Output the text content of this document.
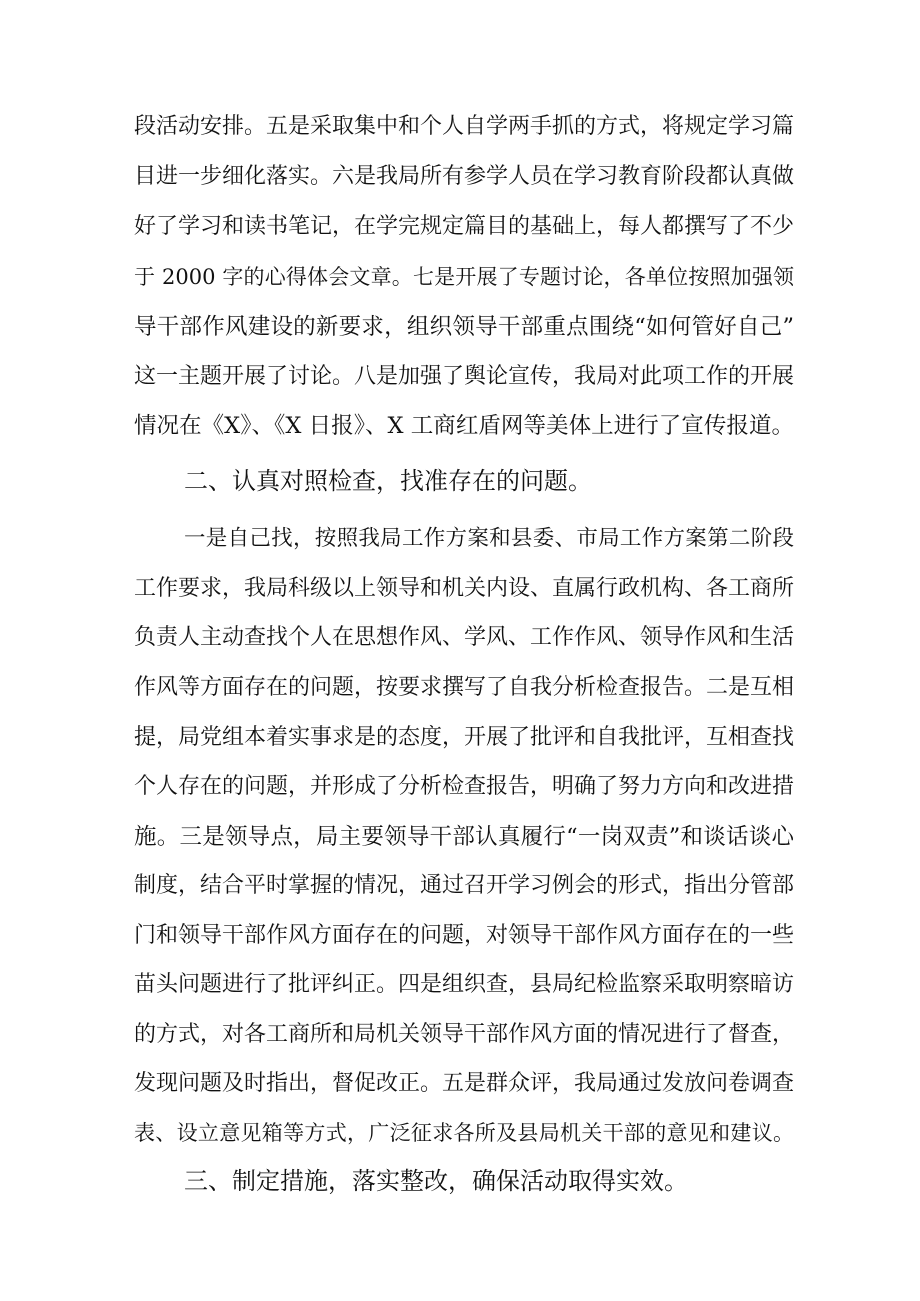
段活动安排。五是采取集中和个人自学两手抓的方式，将规定学习篇
目进一步细化落实。六是我局所有参学人员在学习教育阶段都认真做
好了学习和读书笔记，在学完规定篇目的基础上，每人都撰写了不少
于 2000 字的心得体会文章。七是开展了专题讨论，各单位按照加强领
导干部作风建设的新要求，组织领导干部重点围绕“如何管好自己”
这一主题开展了讨论。八是加强了舆论宣传，我局对此项工作的开展
情况在《X》、《X 日报》、X 工商红盾网等美体上进行了宣传报道。
二、认真对照检查，找准存在的问题。
一是自己找，按照我局工作方案和县委、市局工作方案第二阶段
工作要求，我局科级以上领导和机关内设、直属行政机构、各工商所
负责人主动查找个人在思想作风、学风、工作作风、领导作风和生活
作风等方面存在的问题，按要求撰写了自我分析检查报告。二是互相
提，局党组本着实事求是的态度，开展了批评和自我批评，互相查找
个人存在的问题，并形成了分析检查报告，明确了努力方向和改进措
施。三是领导点，局主要领导干部认真履行“一岗双责”和谈话谈心
制度，结合平时掌握的情况，通过召开学习例会的形式，指出分管部
门和领导干部作风方面存在的问题，对领导干部作风方面存在的一些
苗头问题进行了批评纠正。四是组织查，县局纪检监察采取明察暗访
的方式，对各工商所和局机关领导干部作风方面的情况进行了督查，
发现问题及时指出，督促改正。五是群众评，我局通过发放问卷调查
表、设立意见箱等方式，广泛征求各所及县局机关干部的意见和建议。
三、制定措施，落实整改，确保活动取得实效。
